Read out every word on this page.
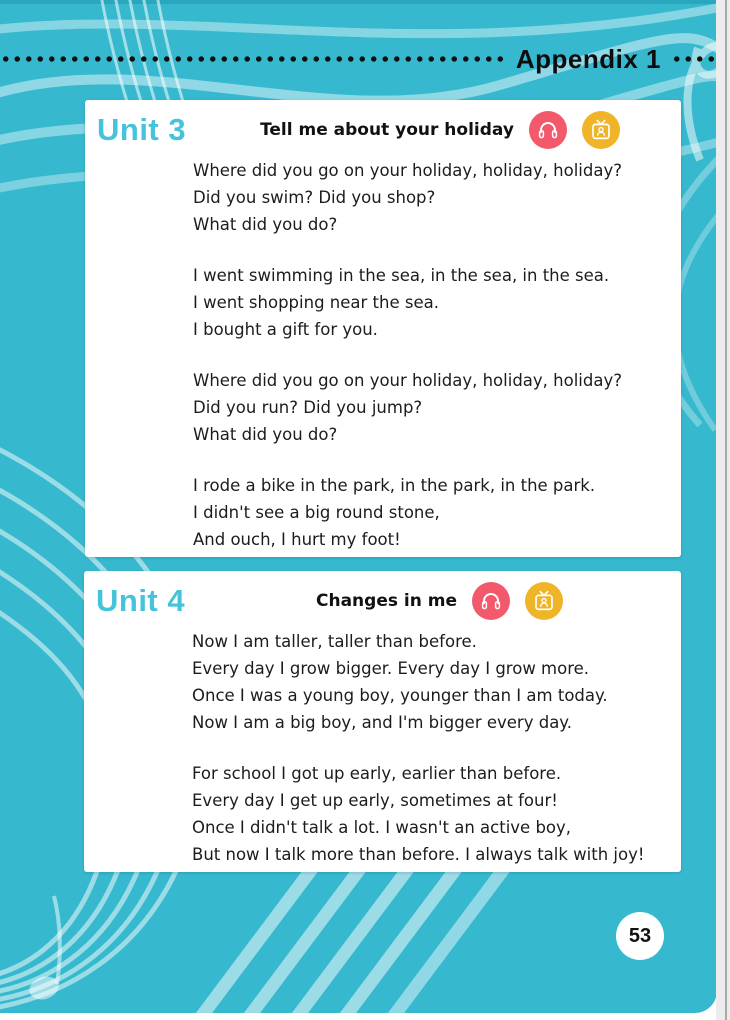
Appendix 1
Unit 3	Tell me about your holiday

Where did you go on your holiday, holiday, holiday?
Did you swim? Did you shop?
What did you do?

I went swimming in the sea, in the sea, in the sea.
I went shopping near the sea.
I bought a gift for you.

Where did you go on your holiday, holiday, holiday?
Did you run? Did you jump?
What did you do?

I rode a bike in the park, in the park, in the park.
I didn't see a big round stone,
And ouch, I hurt my foot!

Unit 4	Changes in me

Now I am taller, taller than before.
Every day I grow bigger. Every day I grow more.
Once I was a young boy, younger than I am today.
Now I am a big boy, and I'm bigger every day.

For school I got up early, earlier than before.
Every day I get up early, sometimes at four!
Once I didn't talk a lot. I wasn't an active boy,
But now I talk more than before. I always talk with joy!

53
